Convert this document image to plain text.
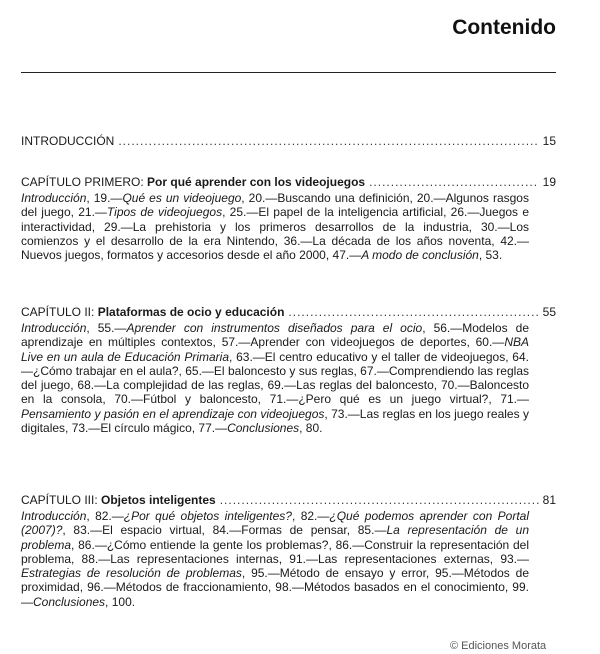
Contenido
INTRODUCCIÓN .....	15
CAPÍTULO PRIMERO: Por qué aprender con los videojuegos .....	19
Introducción, 19.—Qué es un videojuego, 20.—Buscando una definición, 20.—Algunos rasgos del juego, 21.—Tipos de videojuegos, 25.—El papel de la inteligencia artificial, 26.—Juegos e interactividad, 29.—La prehistoria y los primeros desarrollos de la industria, 30.—Los comienzos y el desarrollo de la era Nintendo, 36.—La década de los años noventa, 42.—Nuevos juegos, formatos y accesorios desde el año 2000, 47.—A modo de conclusión, 53.
CAPÍTULO II: Plataformas de ocio y educación .....	55
Introducción, 55.—Aprender con instrumentos diseñados para el ocio, 56.—Modelos de aprendizaje en múltiples contextos, 57.—Aprender con videojuegos de deportes, 60.—NBA Live en un aula de Educación Primaria, 63.—El centro educativo y el taller de videojuegos, 64.—¿Cómo trabajar en el aula?, 65.—El baloncesto y sus reglas, 67.—Comprendiendo las reglas del juego, 68.—La complejidad de las reglas, 69.—Las reglas del baloncesto, 70.—Baloncesto en la consola, 70.—Fútbol y baloncesto, 71.—¿Pero qué es un juego virtual?, 71.—Pensamiento y pasión en el aprendizaje con videojuegos, 73.—Las reglas en los juego reales y digitales, 73.—El círculo mágico, 77.—Conclusiones, 80.
CAPÍTULO III: Objetos inteligentes .....	81
Introducción, 82.—¿Por qué objetos inteligentes?, 82.—¿Qué podemos aprender con Portal (2007)?, 83.—El espacio virtual, 84.—Formas de pensar, 85.—La representación de un problema, 86.—¿Cómo entiende la gente los problemas?, 86.—Construir la representación del problema, 88.—Las representaciones internas, 91.—Las representaciones externas, 93.—Estrategias de resolución de problemas, 95.—Método de ensayo y error, 95.—Métodos de proximidad, 96.—Métodos de fraccionamiento, 98.—Métodos basados en el conocimiento, 99.—Conclusiones, 100.
© Ediciones Morata
